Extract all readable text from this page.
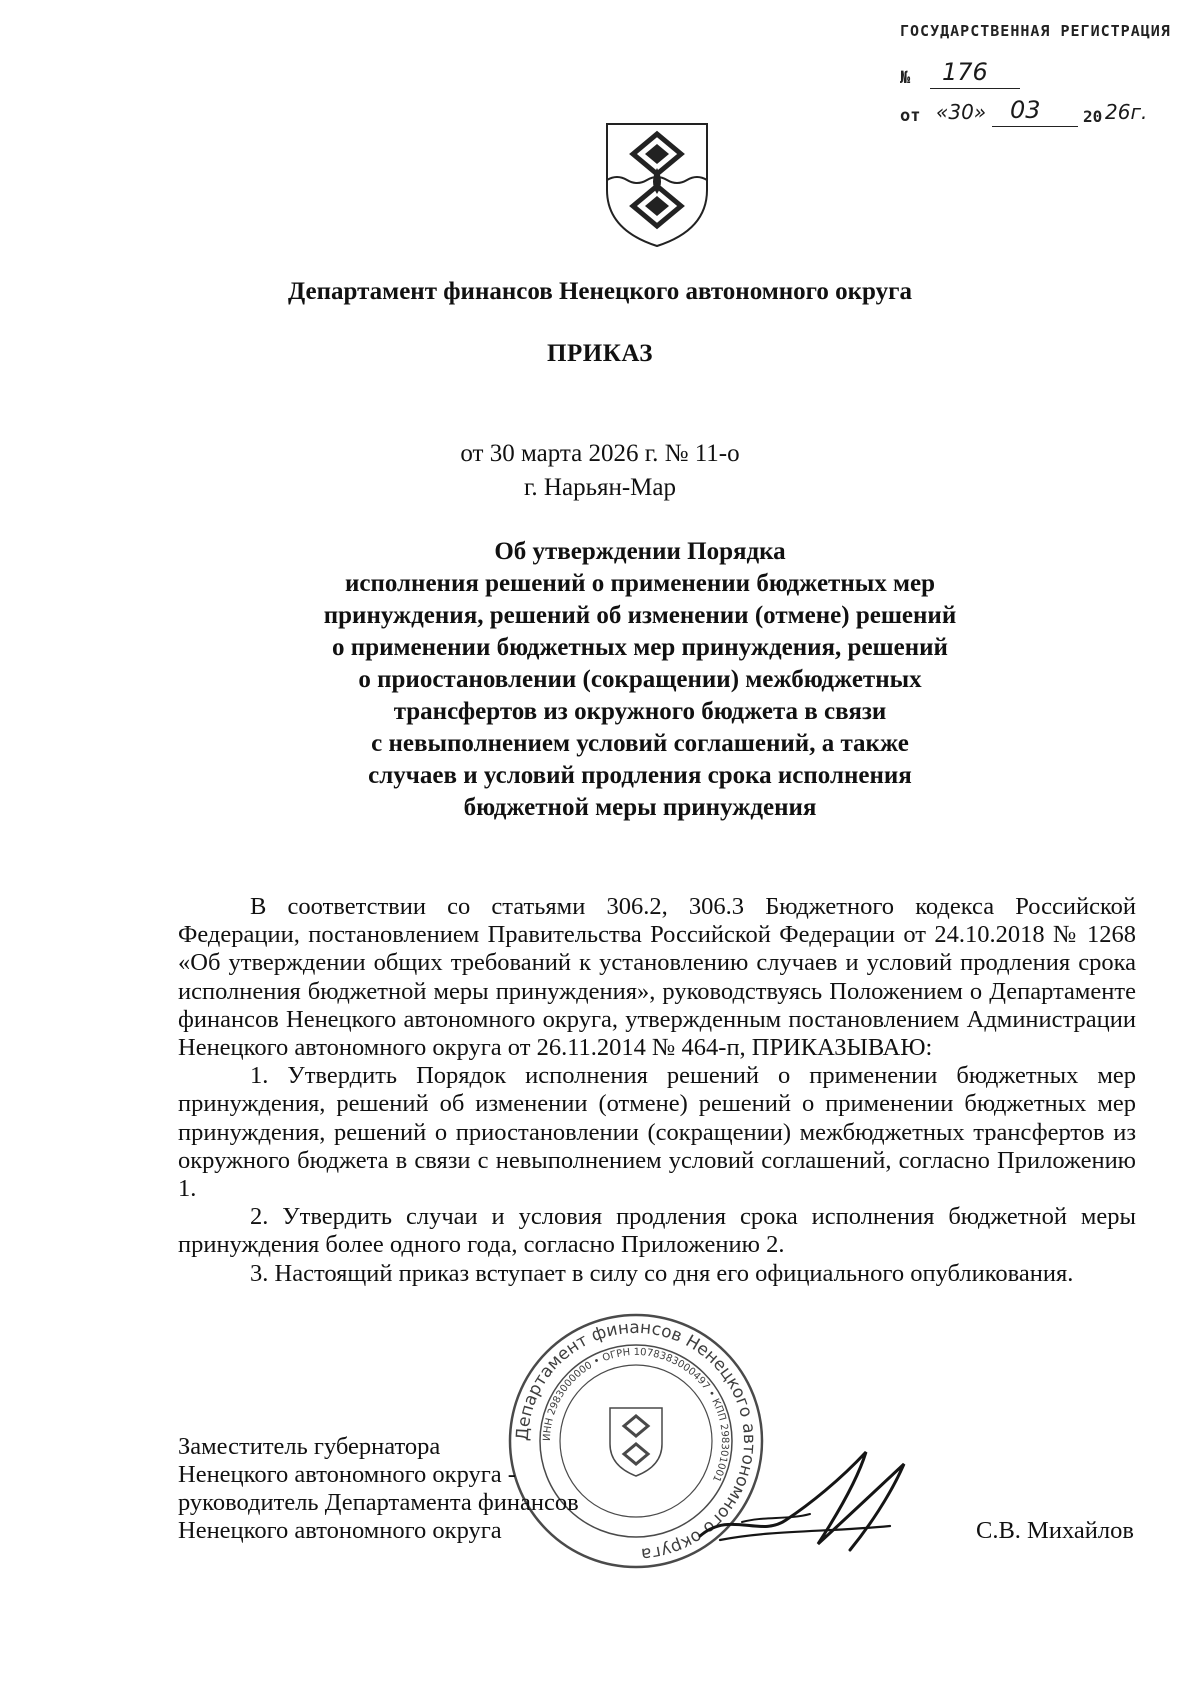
ГОСУДАРСТВЕННАЯ РЕГИСТРАЦИЯ
№ 176
от «30» 03	20 26г.
Департамент финансов Ненецкого автономного округа
ПРИКАЗ
от 30 марта 2026 г. № 11-о
г. Нарьян-Мар
Об утверждении Порядка
исполнения решений о применении бюджетных мер
принуждения, решений об изменении (отмене) решений
о применении бюджетных мер принуждения, решений
о приостановлении (сокращении) межбюджетных
трансфертов из окружного бюджета в связи
с невыполнением условий соглашений, а также
случаев и условий продления срока исполнения
бюджетной меры принуждения

В соответствии со статьями 306.2, 306.3 Бюджетного кодекса Российской Федерации, постановлением Правительства Российской Федерации от 24.10.2018 № 1268 «Об утверждении общих требований к установлению случаев и условий продления срока исполнения бюджетной меры принуждения», руководствуясь Положением о Департаменте финансов Ненецкого автономного округа, утвержденным постановлением Администрации Ненецкого автономного округа от 26.11.2014 № 464-п, ПРИКАЗЫВАЮ:

1. Утвердить Порядок исполнения решений о применении бюджетных мер принуждения, решений об изменении (отмене) решений о применении бюджетных мер принуждения, решений о приостановлении (сокращении) межбюджетных трансфертов из окружного бюджета в связи с невыполнением условий соглашений, согласно Приложению 1.

2. Утвердить случаи и условия продления срока исполнения бюджетной меры принуждения более одного года, согласно Приложению 2.

3. Настоящий приказ вступает в силу со дня его официального опубликования.

Департамент финансов Ненецкого автономного округа
ИНН 2983000000 • ОГРН 1078383000497 • КПП 298301001
Заместитель губернатора
Ненецкого автономного округа -
руководитель Департамента финансов
Ненецкого автономного округа	С.В. Михайлов
